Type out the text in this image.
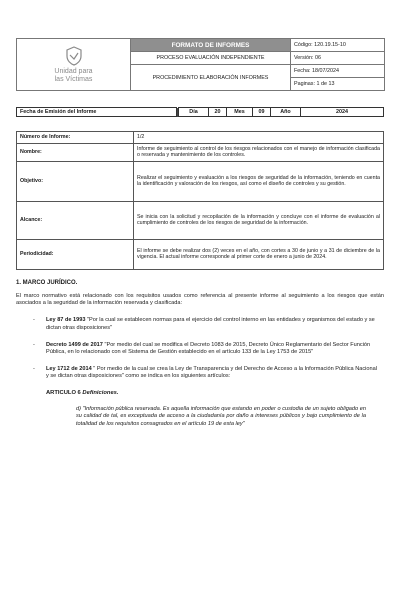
Unidad para
las Víctimas	FORMATO DE INFORMES	Código: 120.19.15-10
	PROCESO EVALUACIÓN INDEPENDIENTE	Versión: 06
	PROCEDIMIENTO ELABORACIÓN INFORMES	Fecha: 18/07/2024
		Paginas: 1 de 13
Fecha de Emisión del Informe		Día	20	Mes	09	Año	2024
Número de Informe:	1/2
Nombre:	Informe de seguimiento al control de los riesgos relacionados con el manejo de información clasificada o reservada y mantenimiento de los controles.
Objetivo:	Realizar el seguimiento y evaluación a los riesgos de seguridad de la información, teniendo en cuenta la identificación y valoración de los riesgos, así como el diseño de controles y su gestión.
Alcance:	Se inicia con la solicitud y recopilación de la información y concluye con el informe de evaluación al cumplimiento de controles de los riesgos de seguridad de la información.
Periodicidad:	El informe se debe realizar dos (2) veces en el año, con cortes a 30 de junio y a 31 de diciembre de la vigencia. El actual informe corresponde al primer corte de enero a junio de 2024.
1. MARCO JURÍDICO.
El marco normativo está relacionado con los requisitos usados como referencia al presente informe al seguimiento a los riesgos que están asociados a la seguridad de la información reservada y clasificada:
- Ley 87 de 1993 "Por la cual se establecen normas para el ejercicio del control interno en las entidades y organismos del estado y se dictan otras disposiciones"
- Decreto 1499 de 2017 "Por medio del cual se modifica el Decreto 1083 de 2015, Decreto Único Reglamentario del Sector Función Pública, en lo relacionado con el Sistema de Gestión establecido en el artículo 133 de la Ley 1753 de 2015"
- Ley 1712 de 2014 " Por medio de la cual se crea la Ley de Transparencia y del Derecho de Acceso a la Información Pública Nacional y se dictan otras disposiciones" como se indica en los siguientes artículos:
ARTICULO 6 Definiciones.
d) "Información pública reservada. Es aquella información que estando en poder o custodia de un sujeto obligado en su calidad de tal, es exceptuada de acceso a la ciudadanía por daño a intereses públicos y bajo cumplimiento de la totalidad de los requisitos consagrados en el artículo 19 de esta ley"
